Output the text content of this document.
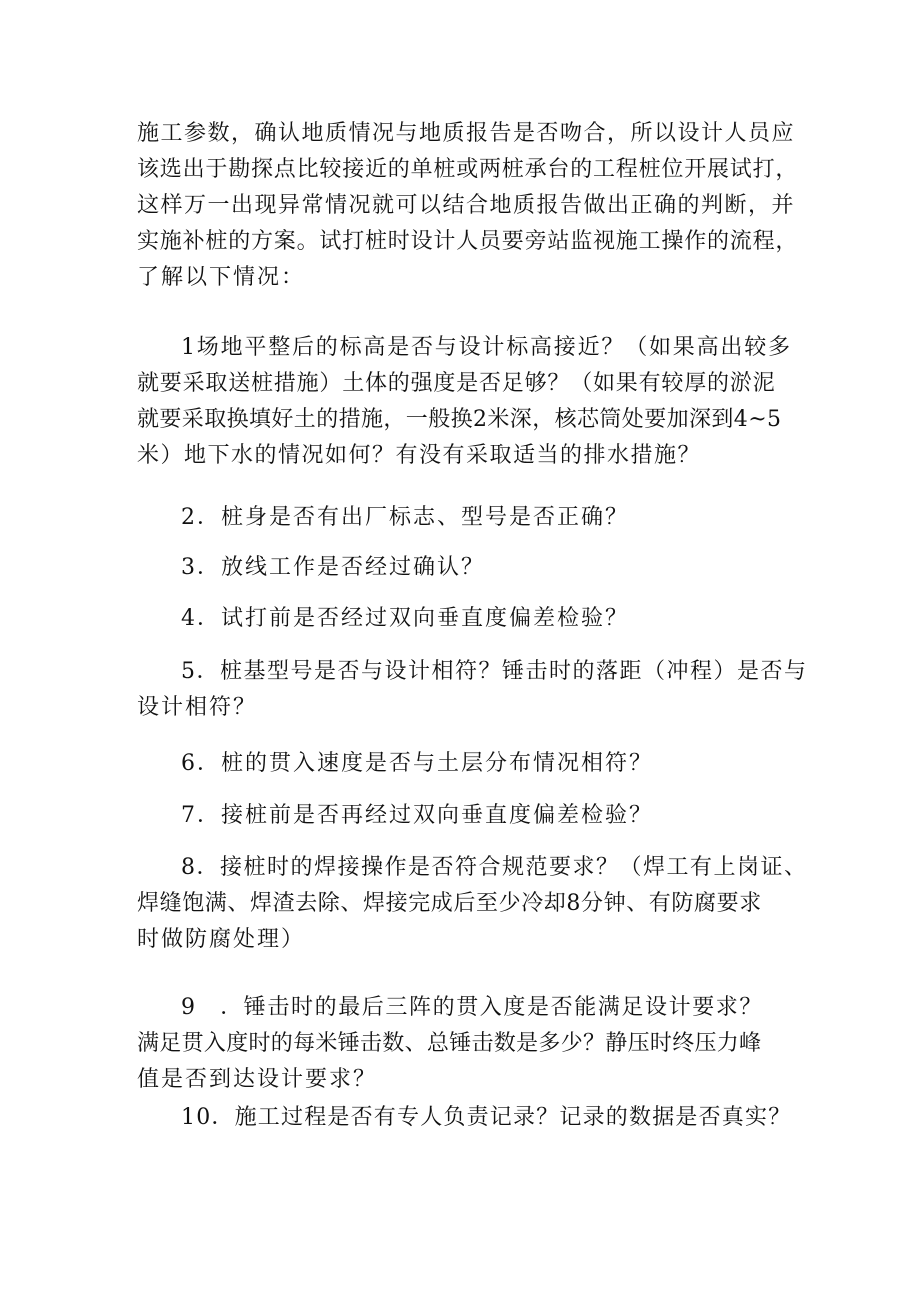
施工参数，确认地质情况与地质报告是否吻合，所以设计人员应
该选出于勘探点比较接近的单桩或两桩承台的工程桩位开展试打，
这样万一出现异常情况就可以结合地质报告做出正确的判断，并
实施补桩的方案。试打桩时设计人员要旁站监视施工操作的流程，
了解以下情况：
1场地平整后的标高是否与设计标高接近？（如果高出较多
就要采取送桩措施）土体的强度是否足够？（如果有较厚的淤泥
就要采取换填好土的措施，一般换2米深，核芯筒处要加深到4~5
米）地下水的情况如何？有没有采取适当的排水措施？

2．桩身是否有出厂标志、型号是否正确？

3．放线工作是否经过确认？

4．试打前是否经过双向垂直度偏差检验？

5．桩基型号是否与设计相符？锤击时的落距（冲程）是否与
设计相符？

6．桩的贯入速度是否与土层分布情况相符？

7．接桩前是否再经过双向垂直度偏差检验？

8．接桩时的焊接操作是否符合规范要求？（焊工有上岗证、
焊缝饱满、焊渣去除、焊接完成后至少冷却8分钟、有防腐要求
时做防腐处理）
9　．锤击时的最后三阵的贯入度是否能满足设计要求？
满足贯入度时的每米锤击数、总锤击数是多少？静压时终压力峰
值是否到达设计要求？

10．施工过程是否有专人负责记录？记录的数据是否真实？
